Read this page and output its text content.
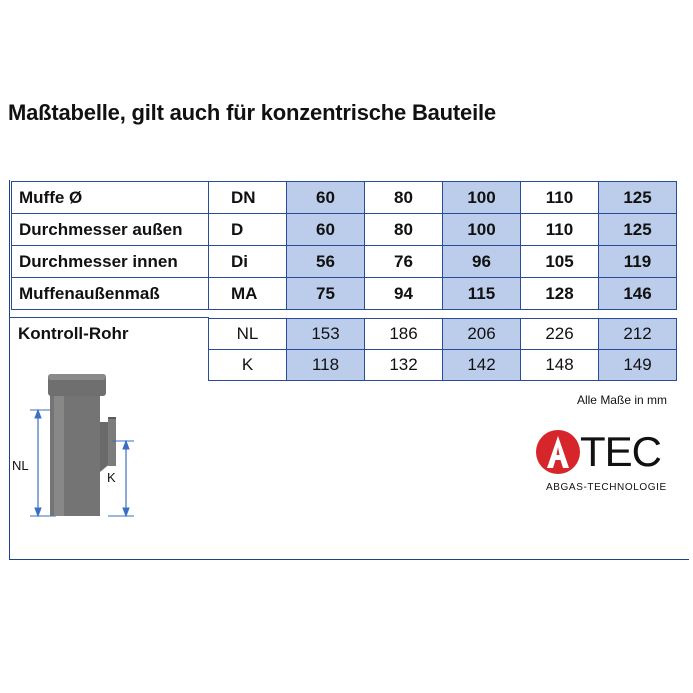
Maßtabelle, gilt auch für konzentrische Bauteile
Muffe Ø	DN	60	80	100	110	125
Durchmesser außen	D	60	80	100	110	125
Durchmesser innen	Di	56	76	96	105	119
Muffenaußenmaß	MA	75	94	115	128	146
Kontroll-Rohr	NL	153	186	206	226	212
K	118	132	142	148	149
Alle Maße in mm
NL
K
TEC
ABGAS-TECHNOLOGIE
